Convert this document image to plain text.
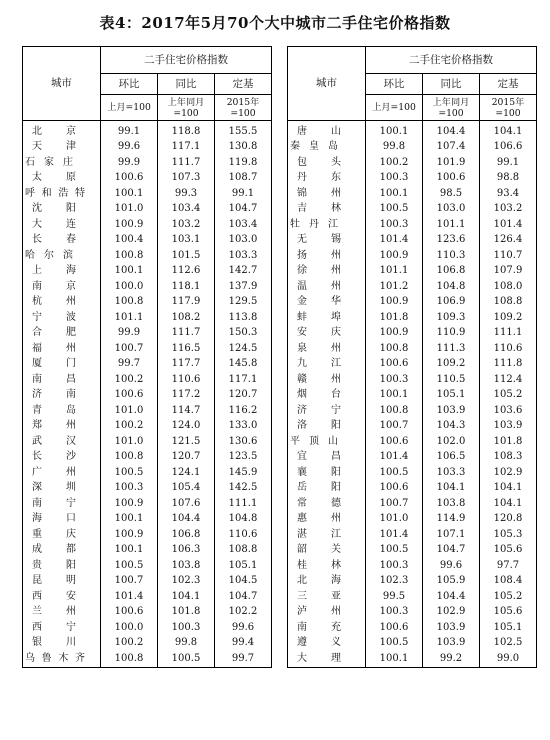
表4：2017年5月70个大中城市二手住宅价格指数
城市	二手住宅价格指数		
	环比	同比	定基
	上月=100	上年同月=100	2015年=100

北 京	99.1	118.8	155.5

天 津	99.6	117.1	130.8

石 家 庄	99.9	111.7	119.8

太 原	100.6	107.3	108.7

呼 和 浩 特	100.1	99.3	99.1

沈 阳	101.0	103.4	104.7

大 连	100.9	103.2	103.4

长 春	100.4	103.1	103.0

哈 尔 滨	100.8	101.5	103.3

上 海	100.1	112.6	142.7

南 京	100.0	118.1	137.9

杭 州	100.8	117.9	129.5

宁 波	101.1	108.2	113.8

合 肥	99.9	111.7	150.3

福 州	100.7	116.5	124.5

厦 门	99.7	117.7	145.8

南 昌	100.2	110.6	117.1

济 南	100.6	117.2	120.7

青 岛	101.0	114.7	116.2

郑 州	100.2	124.0	133.0

武 汉	101.0	121.5	130.6

长 沙	100.8	120.7	123.5

广 州	100.5	124.1	145.9

深 圳	100.3	105.4	142.5

南 宁	100.9	107.6	111.1

海 口	100.1	104.4	104.8

重 庆	100.9	106.8	110.6

成 都	100.1	106.3	108.8

贵 阳	100.5	103.8	105.1

昆 明	100.7	102.3	104.5

西 安	101.4	104.1	104.7

兰 州	100.6	101.8	102.2

西 宁	100.0	100.3	99.6

银 川	100.2	99.8	99.4

乌 鲁 木 齐	100.8	100.5	99.7
城市	二手住宅价格指数		
	环比	同比	定基
	上月=100	上年同月=100	2015年=100

唐 山	100.1	104.4	104.1

秦 皇 岛	99.8	107.4	106.6

包 头	100.2	101.9	99.1

丹 东	100.3	100.6	98.8

锦 州	100.1	98.5	93.4

吉 林	100.5	103.0	103.2

牡 丹 江	100.3	101.1	101.4

无 锡	101.4	123.6	126.4

扬 州	100.9	110.3	110.7

徐 州	101.1	106.8	107.9

温 州	101.2	104.8	108.0

金 华	100.9	106.9	108.8

蚌 埠	101.8	109.3	109.2

安 庆	100.9	110.9	111.1

泉 州	100.8	111.3	110.6

九 江	100.6	109.2	111.8

赣 州	100.3	110.5	112.4

烟 台	100.1	105.1	105.2

济 宁	100.8	103.9	103.6

洛 阳	100.7	104.3	103.9

平 顶 山	100.6	102.0	101.8

宜 昌	101.4	106.5	108.3

襄 阳	100.5	103.3	102.9

岳 阳	100.6	104.1	104.1

常 德	100.7	103.8	104.1

惠 州	101.0	114.9	120.8

湛 江	101.4	107.1	105.3

韶 关	100.5	104.7	105.6

桂 林	100.3	99.6	97.7

北 海	102.3	105.9	108.4

三 亚	99.5	104.4	105.2

泸 州	100.3	102.9	105.6

南 充	100.6	103.9	105.1

遵 义	100.5	103.9	102.5

大 理	100.1	99.2	99.0
